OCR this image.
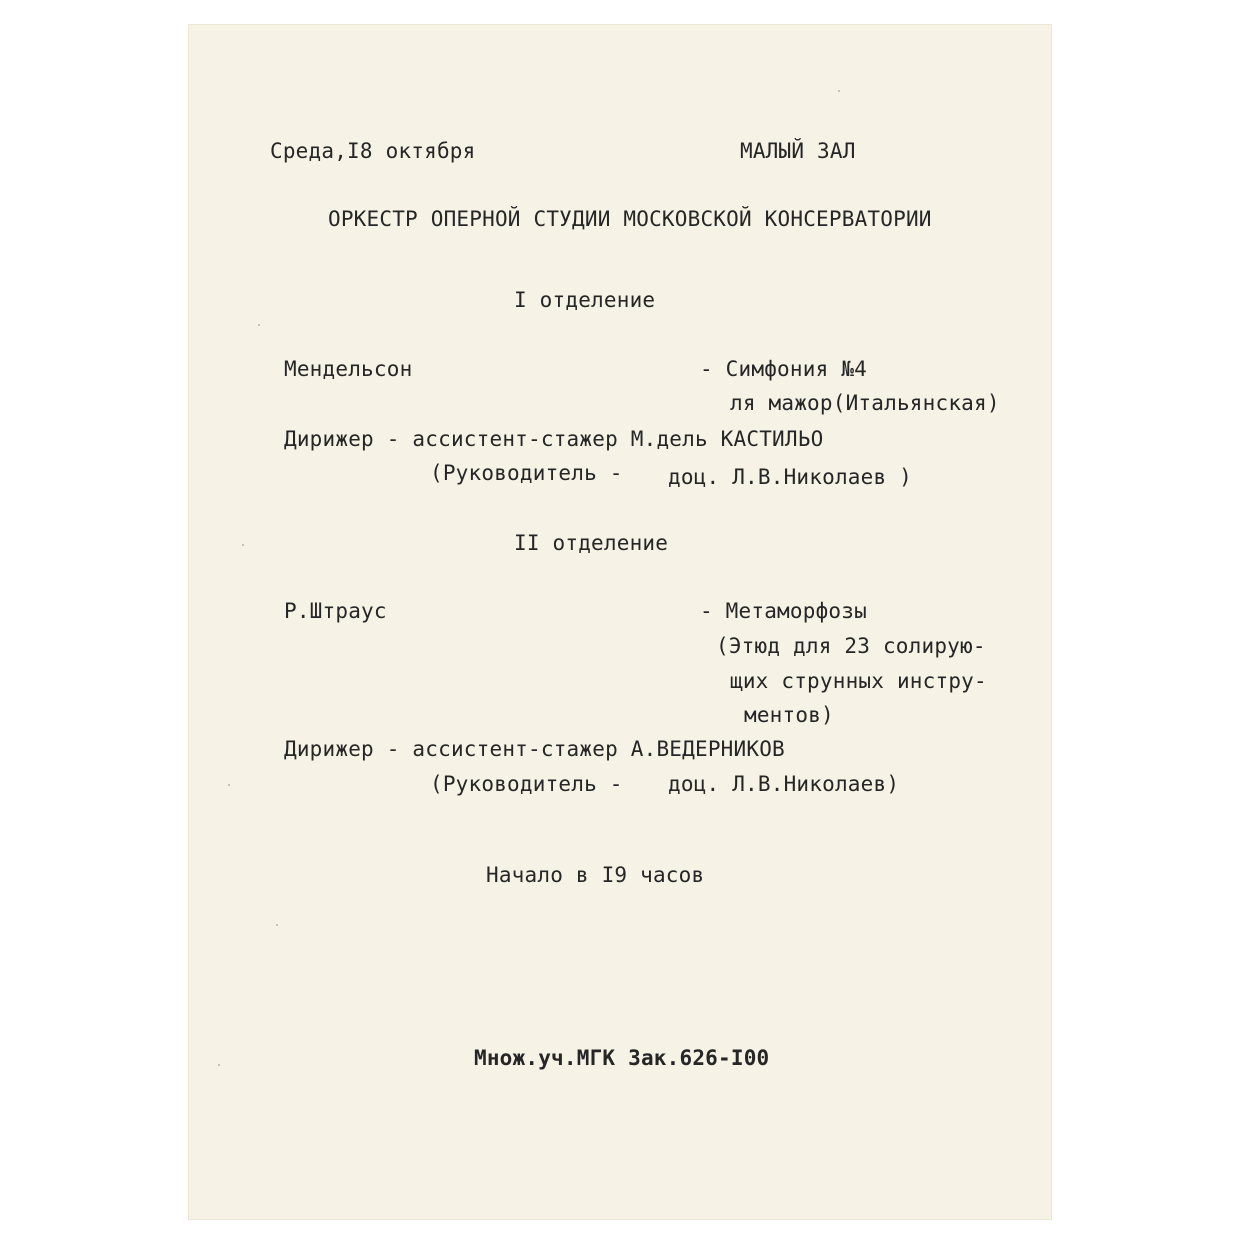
Среда,I8 октября	МАЛЫЙ ЗАЛ

ОРКЕСТР ОПЕРНОЙ СТУДИИ МОСКОВСКОЙ КОНСЕРВАТОРИИ

I отделение

Мендельсон	- Симфония №4

ля мажор(Итальянская)

Дирижер - ассистент-стажер М.дель КАСТИЛЬО

(Руководитель - доц. Л.В.Николаев )

II отделение

Р.Штраус	- Метаморфозы

(Этюд для 23 солирую-

щих струнных инстру-

ментов)

Дирижер - ассистент-стажер А.ВЕДЕРНИКОВ

(Руководитель - доц. Л.В.Николаев)

Начало в I9 часов

Множ.уч.МГК Зак.626-I00
